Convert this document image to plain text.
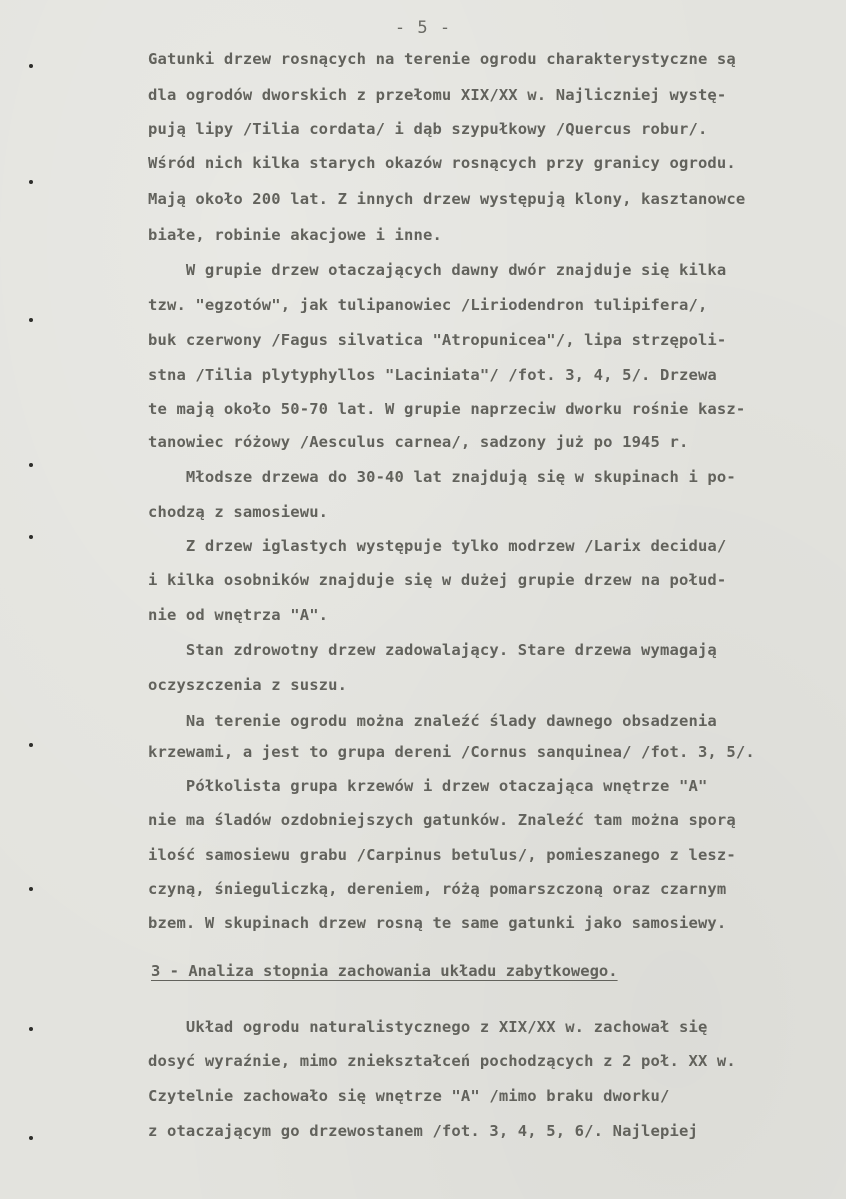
- 5 -
Gatunki drzew rosnących na terenie ogrodu charakterystyczne są
dla ogrodów dworskich z przełomu XIX/XX w. Najliczniej wystę-
pują lipy /Tilia cordata/ i dąb szypułkowy /Quercus robur/.
Wśród nich kilka starych okazów rosnących przy granicy ogrodu.
Mają około 200 lat. Z innych drzew występują klony, kasztanowce
białe, robinie akacjowe i inne.
W grupie drzew otaczających dawny dwór znajduje się kilka
tzw. "egzotów", jak tulipanowiec /Liriodendron tulipifera/,
buk czerwony /Fagus silvatica "Atropunicea"/, lipa strzępoli-
stna /Tilia plytyphyllos "Laciniata"/ /fot. 3, 4, 5/. Drzewa
te mają około 50-70 lat. W grupie naprzeciw dworku rośnie kasz-
tanowiec różowy /Aesculus carnea/, sadzony już po 1945 r.
Młodsze drzewa do 30-40 lat znajdują się w skupinach i po-
chodzą z samosiewu.
Z drzew iglastych występuje tylko modrzew /Larix decidua/
i kilka osobników znajduje się w dużej grupie drzew na połud-
nie od wnętrza "A".
Stan zdrowotny drzew zadowalający. Stare drzewa wymagają
oczyszczenia z suszu.
Na terenie ogrodu można znaleźć ślady dawnego obsadzenia
krzewami, a jest to grupa dereni /Cornus sanquinea/ /fot. 3, 5/.
Półkolista grupa krzewów i drzew otaczająca wnętrze "A"
nie ma śladów ozdobniejszych gatunków. Znaleźć tam można sporą
ilość samosiewu grabu /Carpinus betulus/, pomieszanego z lesz-
czyną, śnieguliczką, dereniem, różą pomarszczoną oraz czarnym
bzem. W skupinach drzew rosną te same gatunki jako samosiewy.
3 - Analiza stopnia zachowania układu zabytkowego.
Układ ogrodu naturalistycznego z XIX/XX w. zachował się
dosyć wyraźnie, mimo zniekształceń pochodzących z 2 poł. XX w.
Czytelnie zachowało się wnętrze "A" /mimo braku dworku/
z otaczającym go drzewostanem /fot. 3, 4, 5, 6/. Najlepiej
